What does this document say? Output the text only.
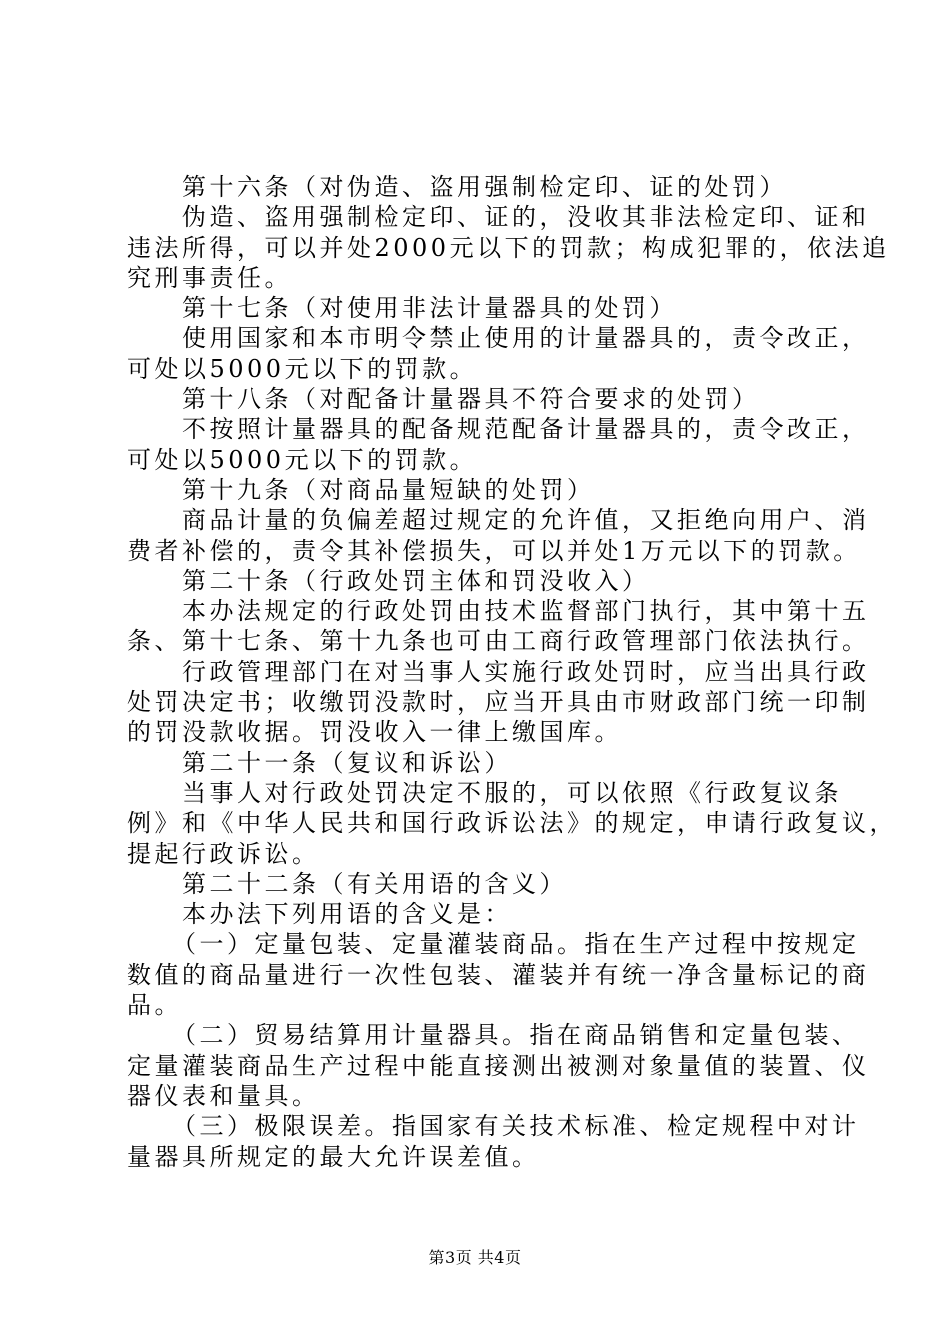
第十六条（对伪造、盗用强制检定印、证的处罚）
伪造、盗用强制检定印、证的，没收其非法检定印、证和
违法所得，可以并处2000元以下的罚款；构成犯罪的，依法追
究刑事责任。
第十七条（对使用非法计量器具的处罚）
使用国家和本市明令禁止使用的计量器具的，责令改正，
可处以5000元以下的罚款。
第十八条（对配备计量器具不符合要求的处罚）
不按照计量器具的配备规范配备计量器具的，责令改正，
可处以5000元以下的罚款。
第十九条（对商品量短缺的处罚）
商品计量的负偏差超过规定的允许值，又拒绝向用户、消
费者补偿的，责令其补偿损失，可以并处1万元以下的罚款。
第二十条（行政处罚主体和罚没收入）
本办法规定的行政处罚由技术监督部门执行，其中第十五
条、第十七条、第十九条也可由工商行政管理部门依法执行。
行政管理部门在对当事人实施行政处罚时，应当出具行政
处罚决定书；收缴罚没款时，应当开具由市财政部门统一印制
的罚没款收据。罚没收入一律上缴国库。
第二十一条（复议和诉讼）
当事人对行政处罚决定不服的，可以依照《行政复议条
例》和《中华人民共和国行政诉讼法》的规定，申请行政复议，
提起行政诉讼。
第二十二条（有关用语的含义）
本办法下列用语的含义是：
（一）定量包装、定量灌装商品。指在生产过程中按规定
数值的商品量进行一次性包装、灌装并有统一净含量标记的商
品。
（二）贸易结算用计量器具。指在商品销售和定量包装、
定量灌装商品生产过程中能直接测出被测对象量值的装置、仪
器仪表和量具。
（三）极限误差。指国家有关技术标准、检定规程中对计
量器具所规定的最大允许误差值。
第3页 共4页
